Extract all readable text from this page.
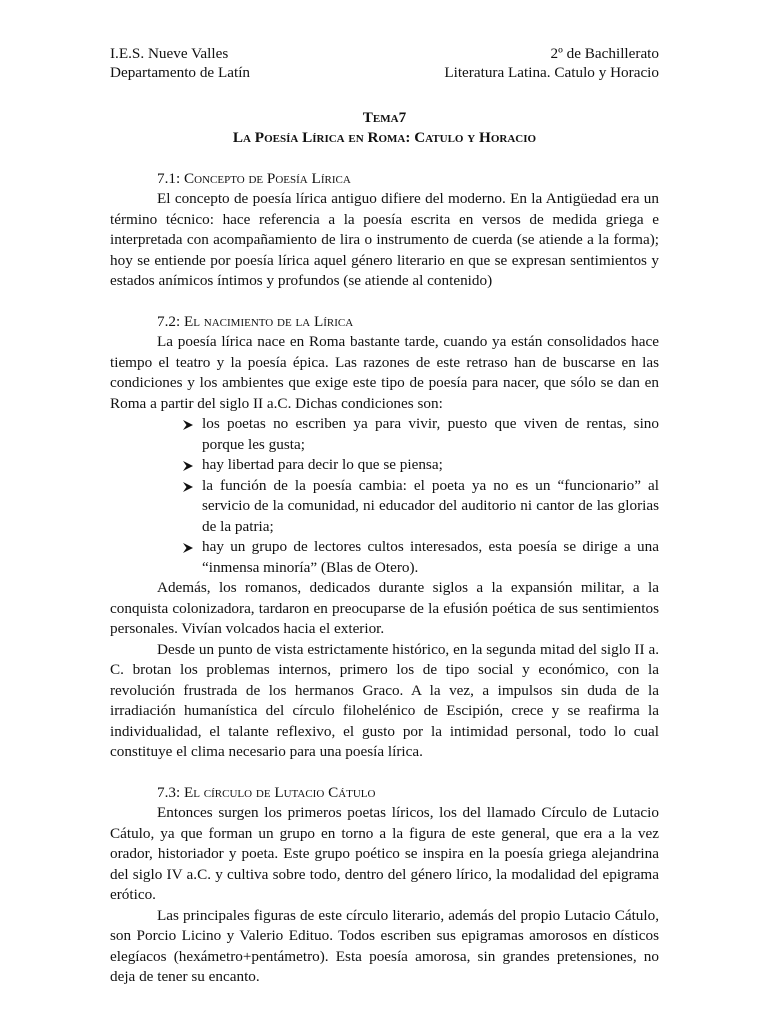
I.E.S. Nueve Valles	2º de Bachillerato
Departamento de Latín	Literatura Latina. Catulo y Horacio
Tema7
La Poesía Lírica en Roma: Catulo y Horacio
7.1: Concepto de Poesía Lírica

El concepto de poesía lírica antiguo difiere del moderno. En la Antigüedad era un término técnico: hace referencia a la poesía escrita en versos de medida griega e interpretada con acompañamiento de lira o instrumento de cuerda (se atiende a la forma); hoy se entiende por poesía lírica aquel género literario en que se expresan sentimientos y estados anímicos íntimos y profundos (se atiende al contenido)

7.2: El nacimiento de la Lírica

La poesía lírica nace en Roma bastante tarde, cuando ya están consolidados hace tiempo el teatro y la poesía épica. Las razones de este retraso han de buscarse en las condiciones y los ambientes que exige este tipo de poesía para nacer, que sólo se dan en Roma a partir del siglo II a.C. Dichas condiciones son:

los poetas no escriben ya para vivir, puesto que viven de rentas, sino porque les gusta;
hay libertad para decir lo que se piensa;
la función de la poesía cambia: el poeta ya no es un “funcionario” al servicio de la comunidad, ni educador del auditorio ni cantor de las glorias de la patria;
hay un grupo de lectores cultos interesados, esta poesía se dirige a una “inmensa minoría” (Blas de Otero).

Además, los romanos, dedicados durante siglos a la expansión militar, a la conquista colonizadora, tardaron en preocuparse de la efusión poética de sus sentimientos personales. Vivían volcados hacia el exterior.

Desde un punto de vista estrictamente histórico, en la segunda mitad del siglo II a. C. brotan los problemas internos, primero los de tipo social y económico, con la revolución frustrada de los hermanos Graco. A la vez, a impulsos sin duda de la irradiación humanística del círculo filohelénico de Escipión, crece y se reafirma la individualidad, el talante reflexivo, el gusto por la intimidad personal, todo lo cual constituye el clima necesario para una poesía lírica.

7.3: El círculo de Lutacio Cátulo

Entonces surgen los primeros poetas líricos, los del llamado Círculo de Lutacio Cátulo, ya que forman un grupo en torno a la figura de este general, que era a la vez orador, historiador y poeta. Este grupo poético se inspira en la poesía griega alejandrina del siglo IV a.C. y cultiva sobre todo, dentro del género lírico, la modalidad del epigrama erótico.

Las principales figuras de este círculo literario, además del propio Lutacio Cátulo, son Porcio Licino y Valerio Edituo. Todos escriben sus epigramas amorosos en dísticos elegíacos (hexámetro+pentámetro). Esta poesía amorosa, sin grandes pretensiones, no deja de tener su encanto.
